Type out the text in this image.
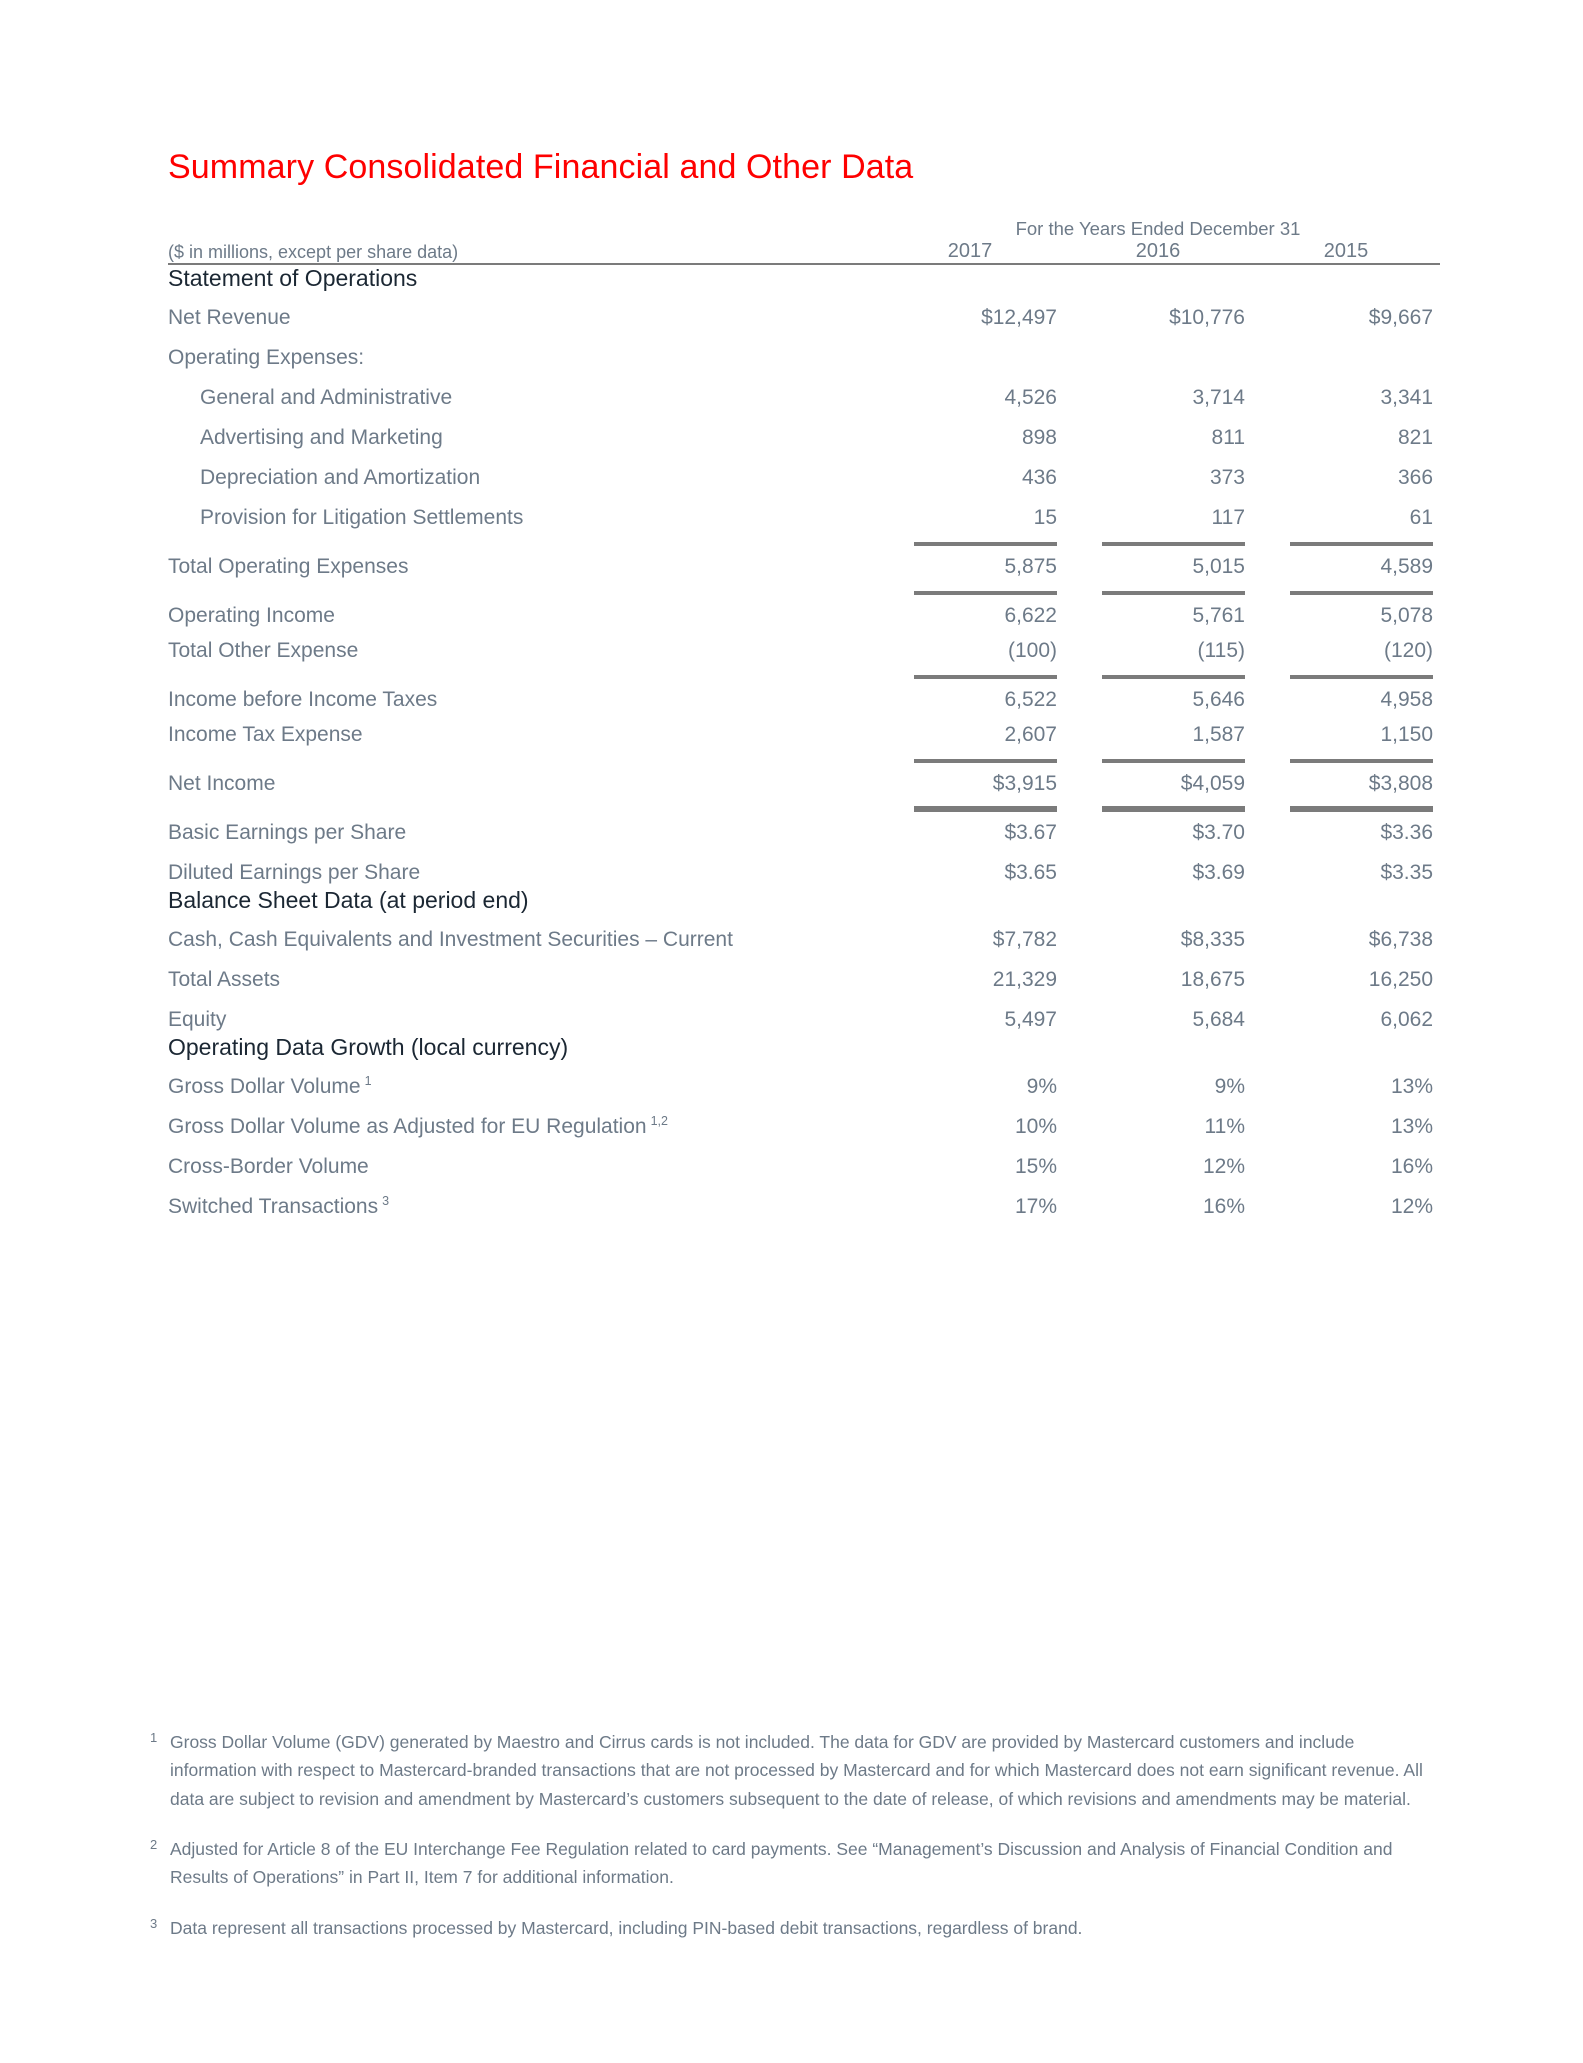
Summary Consolidated Financial and Other Data
	For the Years Ended December 31		
($ in millions, except per share data)	2017	2016	2015

Statement of Operations			
Net Revenue	$12,497	$10,776	$9,667
Operating Expenses:			
General and Administrative	4,526	3,714	3,341
Advertising and Marketing	898	811	821
Depreciation and Amortization	436	373	366
Provision for Litigation Settlements	15	117	61

Total Operating Expenses	5,875	5,015	4,589

Operating Income	6,622	5,761	5,078
Total Other Expense	(100)	(115)	(120)

Income before Income Taxes	6,522	5,646	4,958
Income Tax Expense	2,607	1,587	1,150

Net Income	$3,915	$4,059	$3,808

Basic Earnings per Share	$3.67	$3.70	$3.36
Diluted Earnings per Share	$3.65	$3.69	$3.35
Balance Sheet Data (at period end)			
Cash, Cash Equivalents and Investment Securities – Current	$7,782	$8,335	$6,738
Total Assets	21,329	18,675	16,250
Equity	5,497	5,684	6,062
Operating Data Growth (local currency)			
Gross Dollar Volume $^1$	9%	9%	13%
Gross Dollar Volume as Adjusted for EU Regulation $^{1,2}$	10%	11%	13%
Cross-Border Volume	15%	12%	16%
Switched Transactions $^3$	17%	16%	12%
1 Gross Dollar Volume (GDV) generated by Maestro and Cirrus cards is not included. The data for GDV are provided by Mastercard customers and include information with respect to Mastercard-branded transactions that are not processed by Mastercard and for which Mastercard does not earn significant revenue. All data are subject to revision and amendment by Mastercard’s customers subsequent to the date of release, of which revisions and amendments may be material.
2 Adjusted for Article 8 of the EU Interchange Fee Regulation related to card payments. See “Management’s Discussion and Analysis of Financial Condition and Results of Operations” in Part II, Item 7 for additional information.
3 Data represent all transactions processed by Mastercard, including PIN-based debit transactions, regardless of brand.
